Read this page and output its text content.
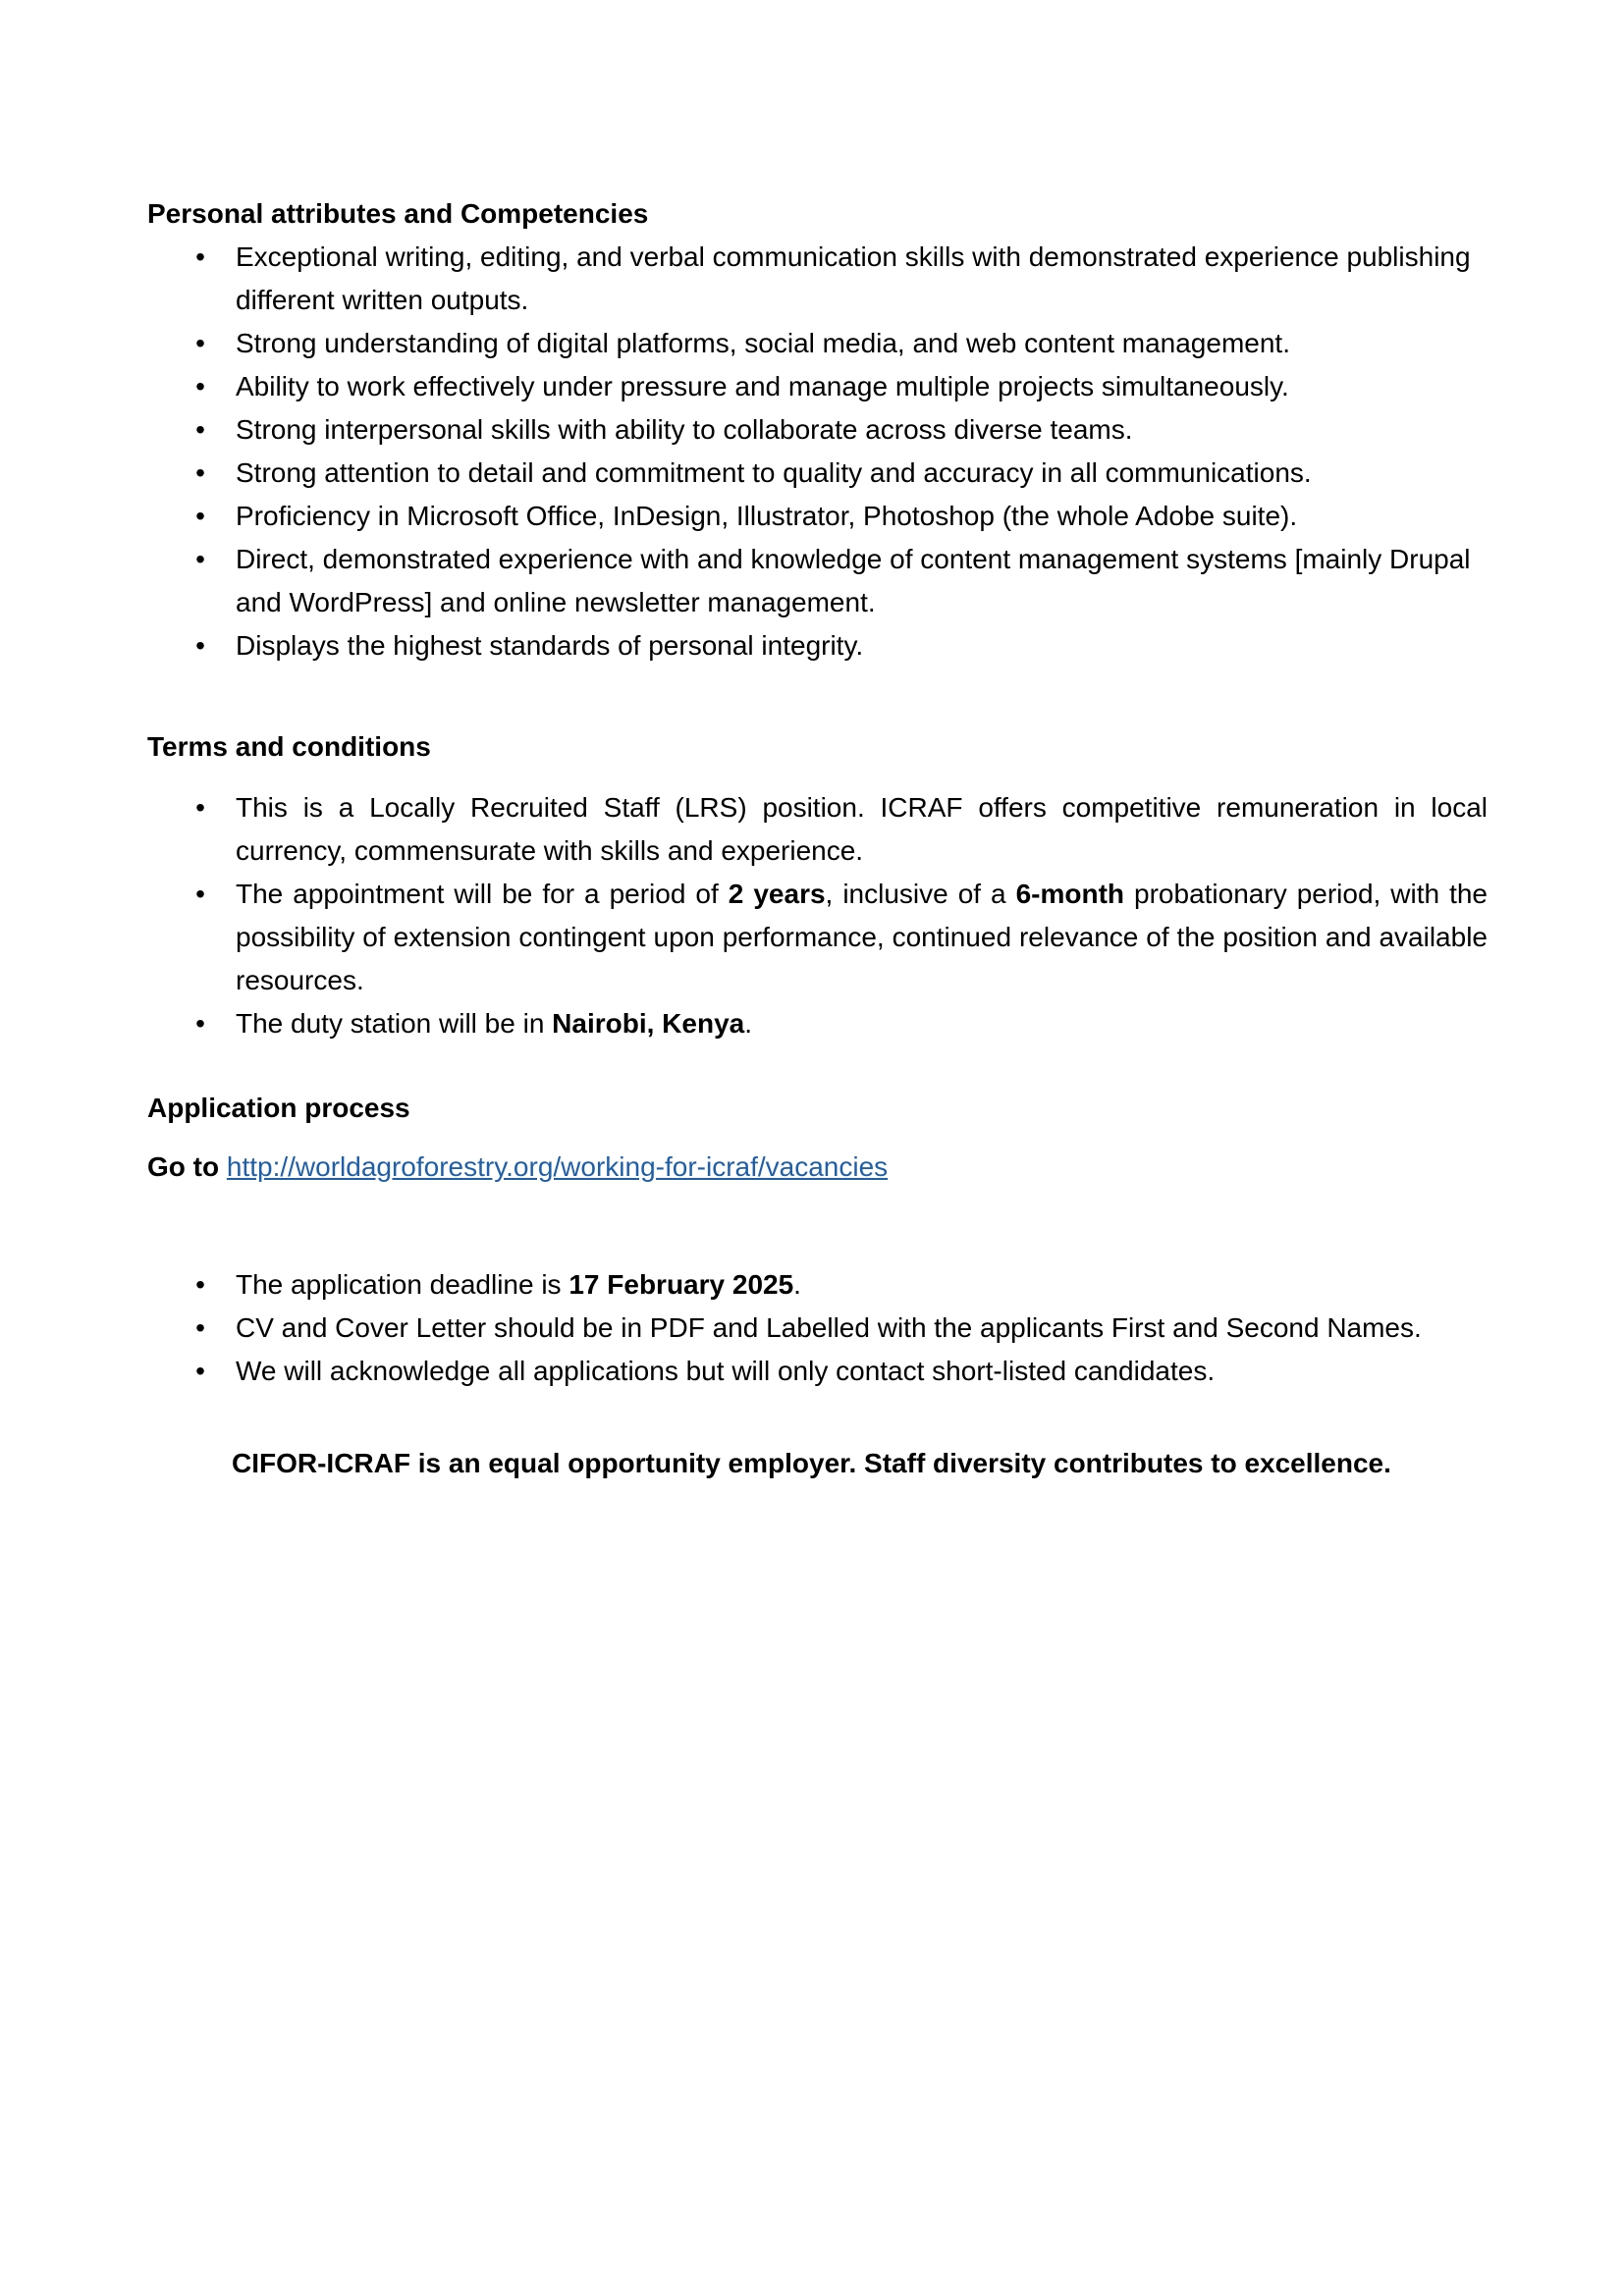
Personal attributes and Competencies

• Exceptional writing, editing, and verbal communication skills with demonstrated experience publishing different written outputs.
• Strong understanding of digital platforms, social media, and web content management.
• Ability to work effectively under pressure and manage multiple projects simultaneously.
• Strong interpersonal skills with ability to collaborate across diverse teams.
• Strong attention to detail and commitment to quality and accuracy in all communications.
• Proficiency in Microsoft Office, InDesign, Illustrator, Photoshop (the whole Adobe suite).
• Direct, demonstrated experience with and knowledge of content management systems [mainly Drupal and WordPress] and online newsletter management.
• Displays the highest standards of personal integrity.

Terms and conditions

• This is a Locally Recruited Staff (LRS) position. ICRAF offers competitive remuneration in local currency, commensurate with skills and experience.
• The appointment will be for a period of 2 years, inclusive of a 6-month probationary period, with the possibility of extension contingent upon performance, continued relevance of the position and available resources.
• The duty station will be in Nairobi, Kenya.

Application process

Go to http://worldagroforestry.org/working-for-icraf/vacancies

• The application deadline is 17 February 2025.
• CV and Cover Letter should be in PDF and Labelled with the applicants First and Second Names.
• We will acknowledge all applications but will only contact short-listed candidates.

CIFOR-ICRAF is an equal opportunity employer. Staff diversity contributes to excellence.
